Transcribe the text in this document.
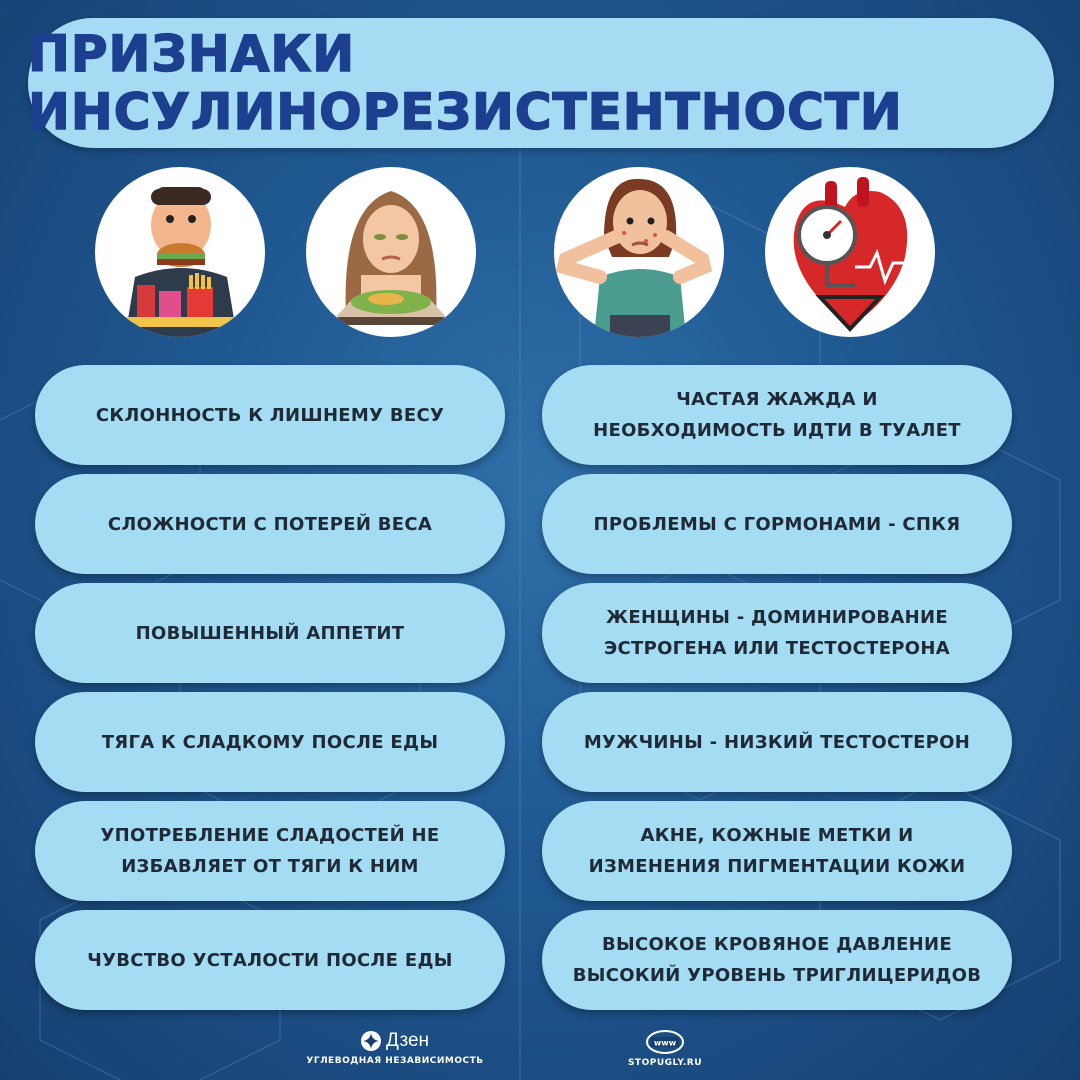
ПРИЗНАКИ ИНСУЛИНОРЕЗИСТЕНТНОСТИ
СКЛОННОСТЬ К ЛИШНЕМУ ВЕСУ
СЛОЖНОСТИ С ПОТЕРЕЙ ВЕСА
ПОВЫШЕННЫЙ АППЕТИТ
ТЯГА К СЛАДКОМУ ПОСЛЕ ЕДЫ
УПОТРЕБЛЕНИЕ СЛАДОСТЕЙ НЕ
ИЗБАВЛЯЕТ ОТ ТЯГИ К НИМ
ЧУВСТВО УСТАЛОСТИ ПОСЛЕ ЕДЫ
ЧАСТАЯ ЖАЖДА И
НЕОБХОДИМОСТЬ ИДТИ В ТУАЛЕТ
ПРОБЛЕМЫ С ГОРМОНАМИ - СПКЯ
ЖЕНЩИНЫ - ДОМИНИРОВАНИЕ
ЭСТРОГЕНА ИЛИ ТЕСТОСТЕРОНА
МУЖЧИНЫ - НИЗКИЙ ТЕСТОСТЕРОН
АКНЕ, КОЖНЫЕ МЕТКИ И
ИЗМЕНЕНИЯ ПИГМЕНТАЦИИ КОЖИ
ВЫСОКОЕ КРОВЯНОЕ ДАВЛЕНИЕ
ВЫСОКИЙ УРОВЕНЬ ТРИГЛИЦЕРИДОВ
Дзен
УГЛЕВОДНАЯ НЕЗАВИСИМОСТЬ
www
STOPUGLY.RU
